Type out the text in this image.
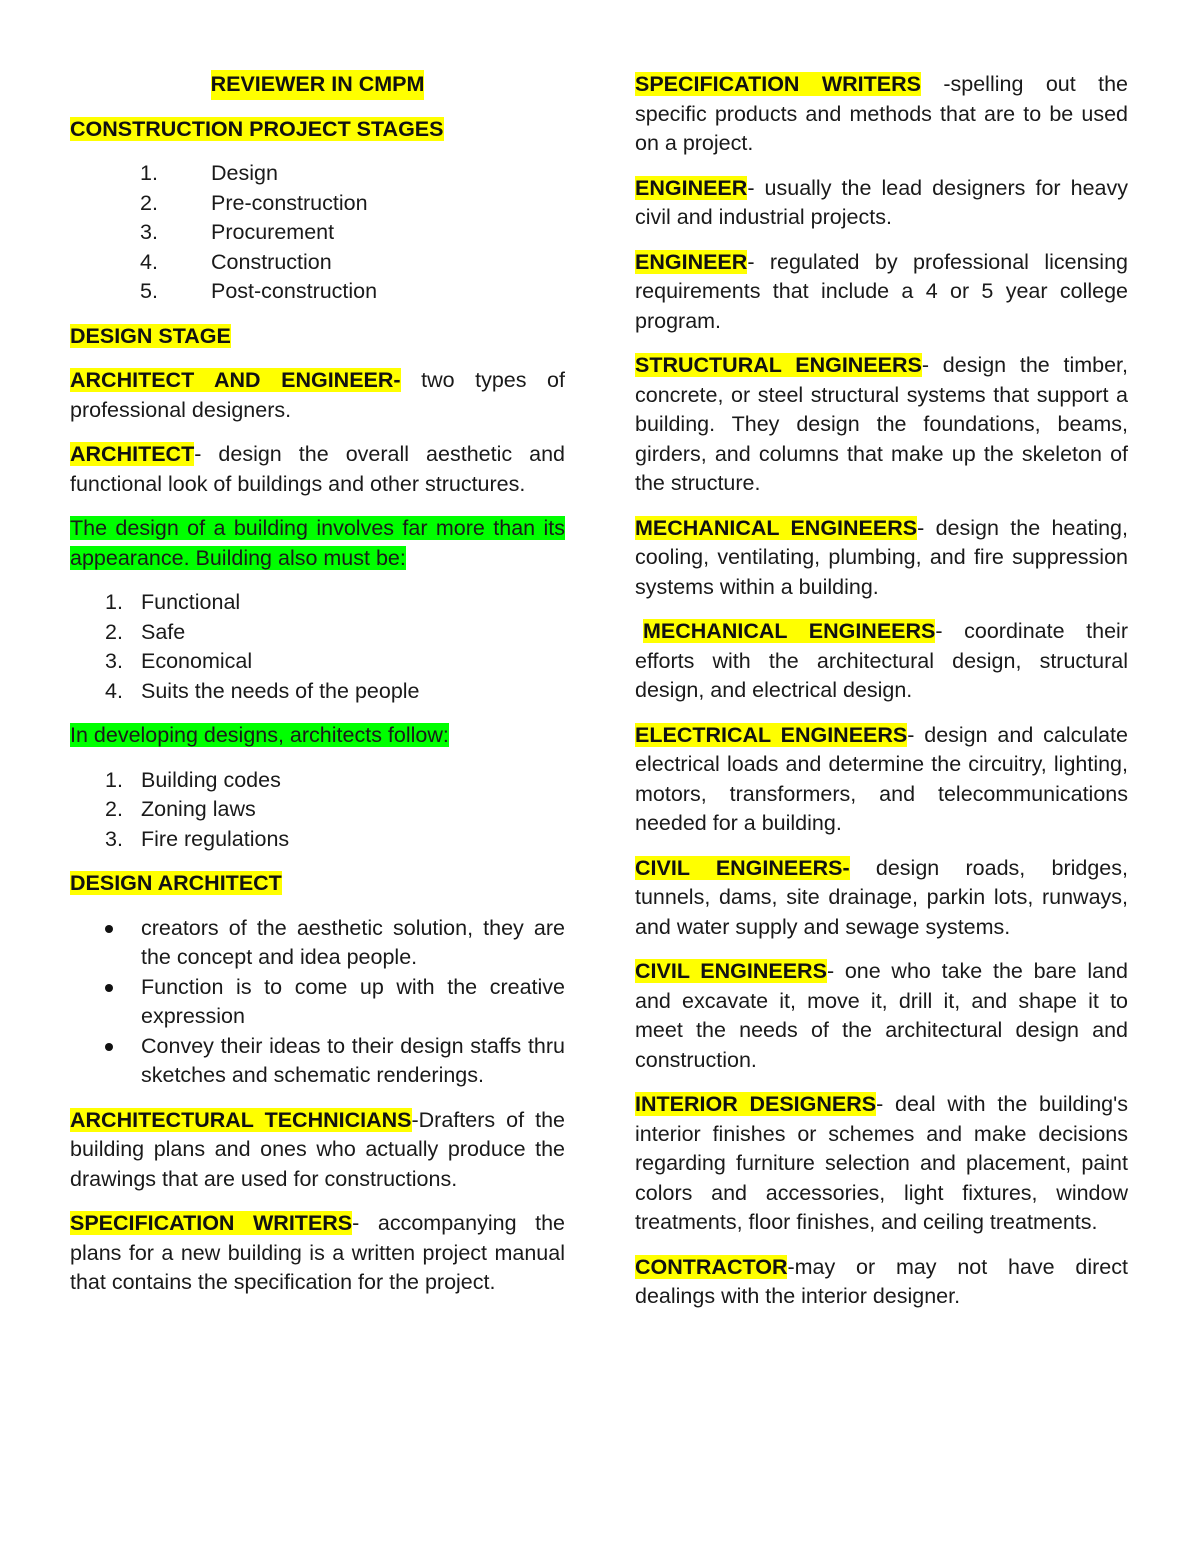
REVIEWER IN CMPM
CONSTRUCTION PROJECT STAGES
1. Design
2. Pre-construction
3. Procurement
4. Construction
5. Post-construction
DESIGN STAGE

ARCHITECT AND ENGINEER- two types of professional designers.

ARCHITECT- design the overall aesthetic and functional look of buildings and other structures.

The design of a building involves far more than its appearance. Building also must be:

1. Functional
2. Safe
3. Economical
4. Suits the needs of the people

In developing designs, architects follow:

1. Building codes
2. Zoning laws
3. Fire regulations
DESIGN ARCHITECT
creators of the aesthetic solution, they are the concept and idea people.
Function is to come up with the creative expression
Convey their ideas to their design staffs thru sketches and schematic renderings.

ARCHITECTURAL TECHNICIANS-Drafters of the building plans and ones who actually produce the drawings that are used for constructions.

SPECIFICATION WRITERS- accompanying the plans for a new building is a written project manual that contains the specification for the project.

SPECIFICATION WRITERS -spelling out the specific products and methods that are to be used on a project.

ENGINEER- usually the lead designers for heavy civil and industrial projects.

ENGINEER- regulated by professional licensing requirements that include a 4 or 5 year college program.

STRUCTURAL ENGINEERS- design the timber, concrete, or steel structural systems that support a building. They design the foundations, beams, girders, and columns that make up the skeleton of the structure.

MECHANICAL ENGINEERS- design the heating, cooling, ventilating, plumbing, and fire suppression systems within a building.

MECHANICAL ENGINEERS- coordinate their efforts with the architectural design, structural design, and electrical design.

ELECTRICAL ENGINEERS- design and calculate electrical loads and determine the circuitry, lighting, motors, transformers, and telecommunications needed for a building.

CIVIL ENGINEERS- design roads, bridges, tunnels, dams, site drainage, parkin lots, runways, and water supply and sewage systems.

CIVIL ENGINEERS- one who take the bare land and excavate it, move it, drill it, and shape it to meet the needs of the architectural design and construction.

INTERIOR DESIGNERS- deal with the building's interior finishes or schemes and make decisions regarding furniture selection and placement, paint colors and accessories, light fixtures, window treatments, floor finishes, and ceiling treatments.

CONTRACTOR-may or may not have direct dealings with the interior designer.
